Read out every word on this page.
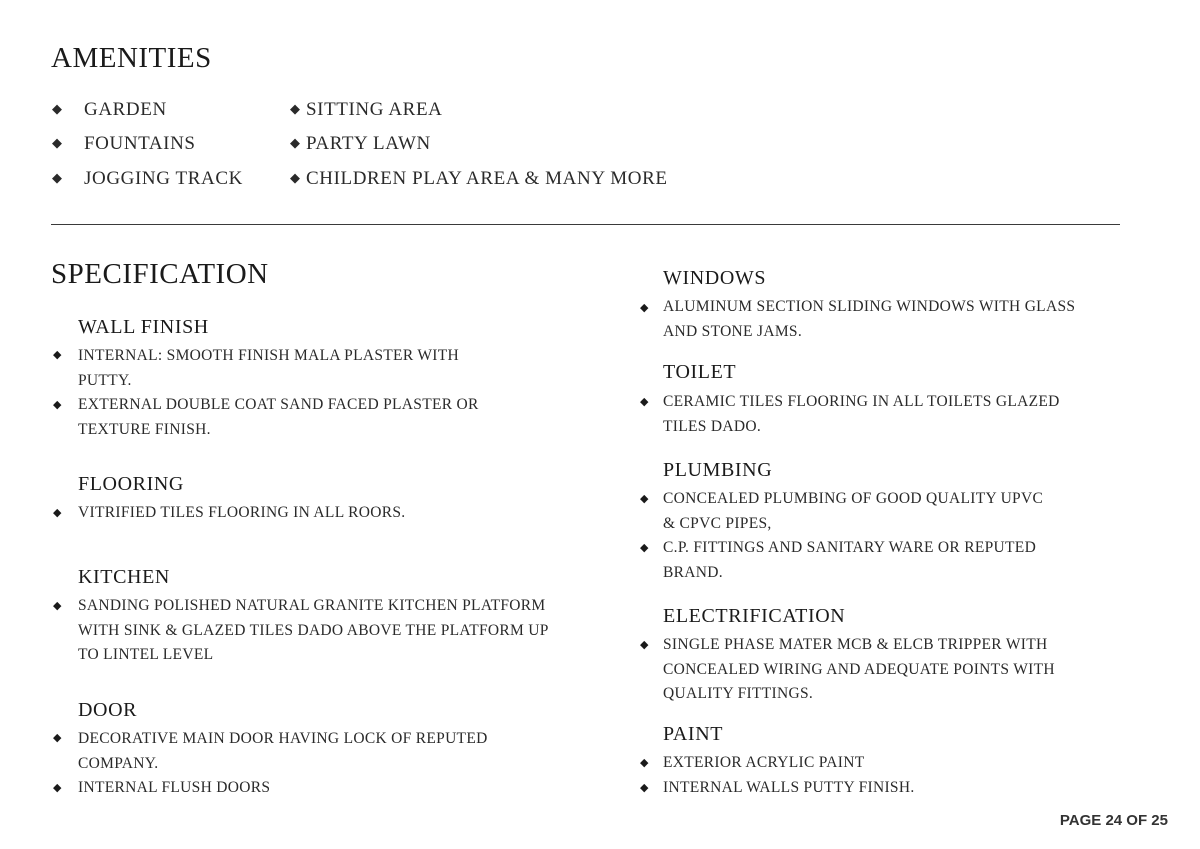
AMENITIES
◆ GARDEN	◆ SITTING AREA
◆ FOUNTAINS	◆ PARTY LAWN
◆ JOGGING TRACK	◆ CHILDREN PLAY AREA & MANY MORE
SPECIFICATION
WALL FINISH
◆ INTERNAL: SMOOTH FINISH MALA PLASTER WITH
PUTTY.
◆ EXTERNAL DOUBLE COAT SAND FACED PLASTER OR
TEXTURE FINISH.
FLOORING
◆ VITRIFIED TILES FLOORING IN ALL ROORS.
KITCHEN
◆ SANDING POLISHED NATURAL GRANITE KITCHEN PLATFORM
WITH SINK & GLAZED TILES DADO ABOVE THE PLATFORM UP
TO LINTEL LEVEL
DOOR
◆ DECORATIVE MAIN DOOR HAVING LOCK OF REPUTED
COMPANY.
◆ INTERNAL FLUSH DOORS
WINDOWS
◆ ALUMINUM SECTION SLIDING WINDOWS WITH GLASS
AND STONE JAMS.
TOILET
◆ CERAMIC TILES FLOORING IN ALL TOILETS GLAZED
TILES DADO.
PLUMBING
◆ CONCEALED PLUMBING OF GOOD QUALITY UPVC
& CPVC PIPES,
◆ C.P. FITTINGS AND SANITARY WARE OR REPUTED
BRAND.
ELECTRIFICATION
◆ SINGLE PHASE MATER MCB & ELCB TRIPPER WITH
CONCEALED WIRING AND ADEQUATE POINTS WITH
QUALITY FITTINGS.
PAINT
◆ EXTERIOR ACRYLIC PAINT
◆ INTERNAL WALLS PUTTY FINISH.
PAGE 24 OF 25
